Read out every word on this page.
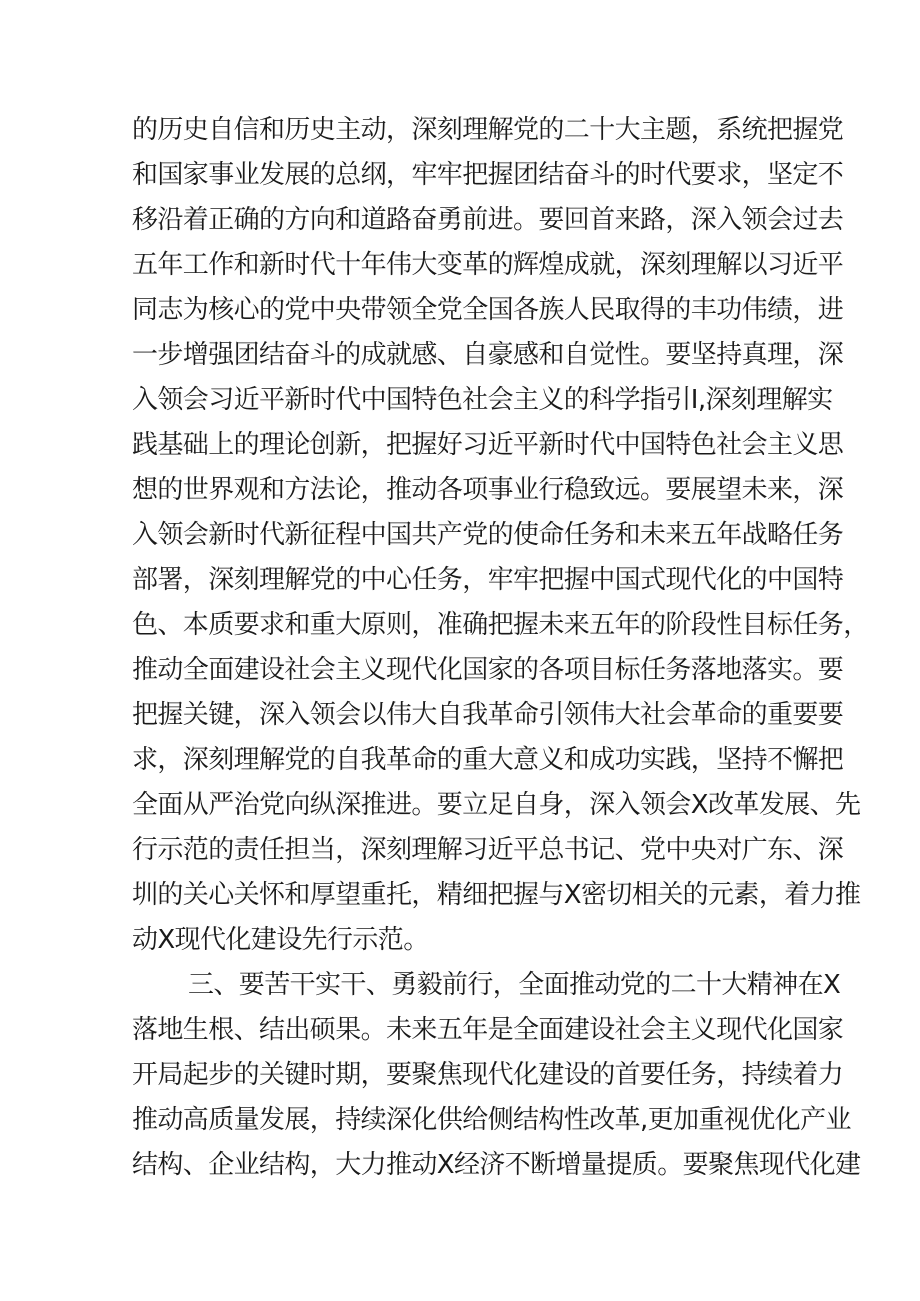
的历史自信和历史主动，深刻理解党的二十大主题，系统把握党
和国家事业发展的总纲，牢牢把握团结奋斗的时代要求，坚定不
移沿着正确的方向和道路奋勇前进。要回首来路，深入领会过去
五年工作和新时代十年伟大变革的辉煌成就，深刻理解以习近平
同志为核心的党中央带领全党全国各族人民取得的丰功伟绩，进
一步增强团结奋斗的成就感、自豪感和自觉性。要坚持真理，深
入领会习近平新时代中国特色社会主义的科学指引I,深刻理解实
践基础上的理论创新，把握好习近平新时代中国特色社会主义思
想的世界观和方法论，推动各项事业行稳致远。要展望未来，深
入领会新时代新征程中国共产党的使命任务和未来五年战略任务
部署，深刻理解党的中心任务，牢牢把握中国式现代化的中国特
色、本质要求和重大原则，准确把握未来五年的阶段性目标任务，
推动全面建设社会主义现代化国家的各项目标任务落地落实。要
把握关键，深入领会以伟大自我革命引领伟大社会革命的重要要
求，深刻理解党的自我革命的重大意义和成功实践，坚持不懈把
全面从严治党向纵深推进。要立足自身，深入领会X改革发展、先
行示范的责任担当，深刻理解习近平总书记、党中央对广东、深
圳的关心关怀和厚望重托，精细把握与X密切相关的元素，着力推
动X现代化建设先行示范。
三、要苦干实干、勇毅前行，全面推动党的二十大精神在X
落地生根、结出硕果。未来五年是全面建设社会主义现代化国家
开局起步的关键时期，要聚焦现代化建设的首要任务，持续着力
推动高质量发展，持续深化供给侧结构性改革,更加重视优化产业
结构、企业结构，大力推动X经济不断增量提质。要聚焦现代化建
